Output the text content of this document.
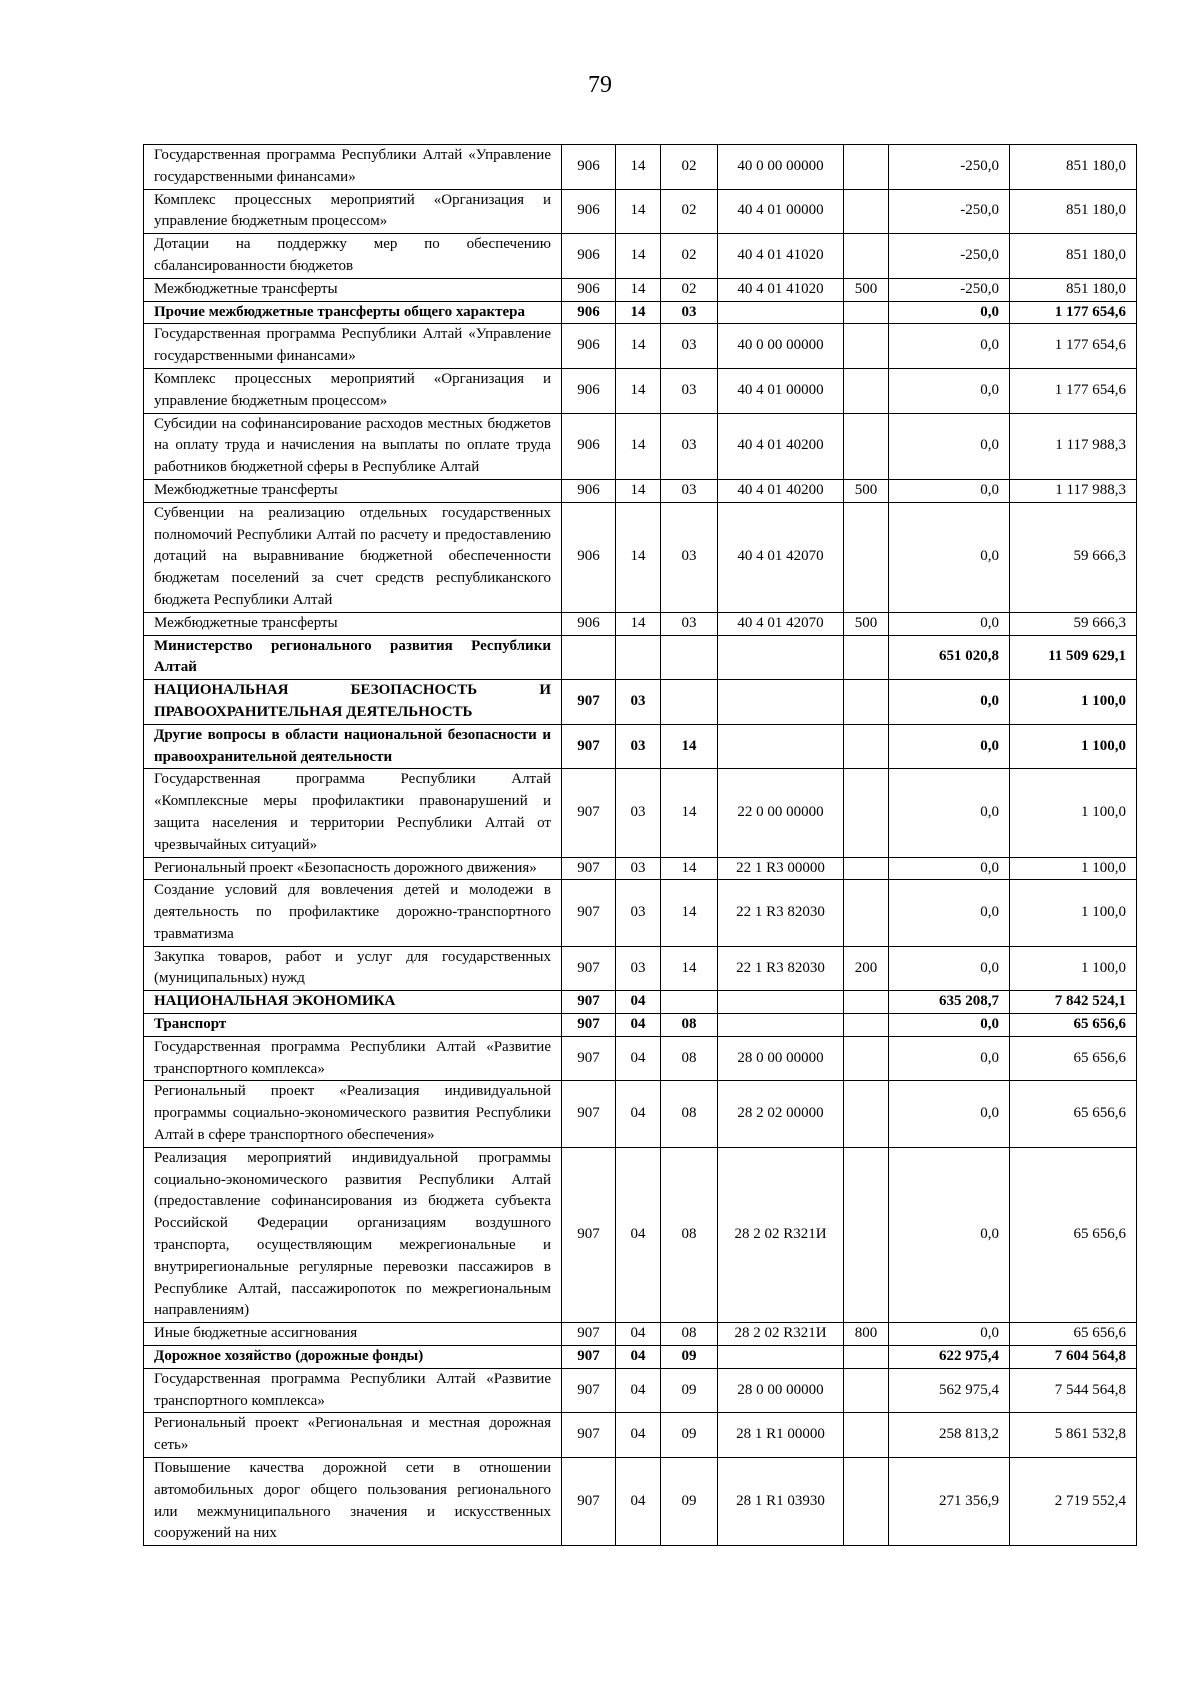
79
Государственная программа Республики Алтай «Управление государственными финансами»	906	14	02	40 0 00 00000		-250,0	851 180,0
Комплекс процессных мероприятий «Организация и управление бюджетным процессом»	906	14	02	40 4 01 00000		-250,0	851 180,0
Дотации на поддержку мер по обеспечению сбалансированности бюджетов	906	14	02	40 4 01 41020		-250,0	851 180,0
Межбюджетные трансферты	906	14	02	40 4 01 41020	500	-250,0	851 180,0
Прочие межбюджетные трансферты общего характера	906	14	03			0,0	1 177 654,6
Государственная программа Республики Алтай «Управление государственными финансами»	906	14	03	40 0 00 00000		0,0	1 177 654,6
Комплекс процессных мероприятий «Организация и управление бюджетным процессом»	906	14	03	40 4 01 00000		0,0	1 177 654,6
Субсидии на софинансирование расходов местных бюджетов на оплату труда и начисления на выплаты по оплате труда работников бюджетной сферы в Республике Алтай	906	14	03	40 4 01 40200		0,0	1 117 988,3
Межбюджетные трансферты	906	14	03	40 4 01 40200	500	0,0	1 117 988,3
Субвенции на реализацию отдельных государственных полномочий Республики Алтай по расчету и предоставлению дотаций на выравнивание бюджетной обеспеченности бюджетам поселений за счет средств республиканского бюджета Республики Алтай	906	14	03	40 4 01 42070		0,0	59 666,3
Межбюджетные трансферты	906	14	03	40 4 01 42070	500	0,0	59 666,3
Министерство регионального развития Республики Алтай						651 020,8	11 509 629,1
НАЦИОНАЛЬНАЯ БЕЗОПАСНОСТЬ И ПРАВООХРАНИТЕЛЬНАЯ ДЕЯТЕЛЬНОСТЬ	907	03				0,0	1 100,0
Другие вопросы в области национальной безопасности и правоохранительной деятельности	907	03	14			0,0	1 100,0
Государственная программа Республики Алтай «Комплексные меры профилактики правонарушений и защита населения и территории Республики Алтай от чрезвычайных ситуаций»	907	03	14	22 0 00 00000		0,0	1 100,0
Региональный проект «Безопасность дорожного движения»	907	03	14	22 1 R3 00000		0,0	1 100,0
Создание условий для вовлечения детей и молодежи в деятельность по профилактике дорожно-транспортного травматизма	907	03	14	22 1 R3 82030		0,0	1 100,0
Закупка товаров, работ и услуг для государственных (муниципальных) нужд	907	03	14	22 1 R3 82030	200	0,0	1 100,0
НАЦИОНАЛЬНАЯ ЭКОНОМИКА	907	04				635 208,7	7 842 524,1
Транспорт	907	04	08			0,0	65 656,6
Государственная программа Республики Алтай «Развитие транспортного комплекса»	907	04	08	28 0 00 00000		0,0	65 656,6
Региональный проект «Реализация индивидуальной программы социально-экономического развития Республики Алтай в сфере транспортного обеспечения»	907	04	08	28 2 02 00000		0,0	65 656,6
Реализация мероприятий индивидуальной программы социально-экономического развития Республики Алтай (предоставление софинансирования из бюджета субъекта Российской Федерации организациям воздушного транспорта, осуществляющим межрегиональные и внутрирегиональные регулярные перевозки пассажиров в Республике Алтай, пассажиропоток по межрегиональным направлениям)	907	04	08	28 2 02 R321И		0,0	65 656,6
Иные бюджетные ассигнования	907	04	08	28 2 02 R321И	800	0,0	65 656,6
Дорожное хозяйство (дорожные фонды)	907	04	09			622 975,4	7 604 564,8
Государственная программа Республики Алтай «Развитие транспортного комплекса»	907	04	09	28 0 00 00000		562 975,4	7 544 564,8
Региональный проект «Региональная и местная дорожная сеть»	907	04	09	28 1 R1 00000		258 813,2	5 861 532,8
Повышение качества дорожной сети в отношении автомобильных дорог общего пользования регионального или межмуниципального значения и искусственных сооружений на них	907	04	09	28 1 R1 03930		271 356,9	2 719 552,4
